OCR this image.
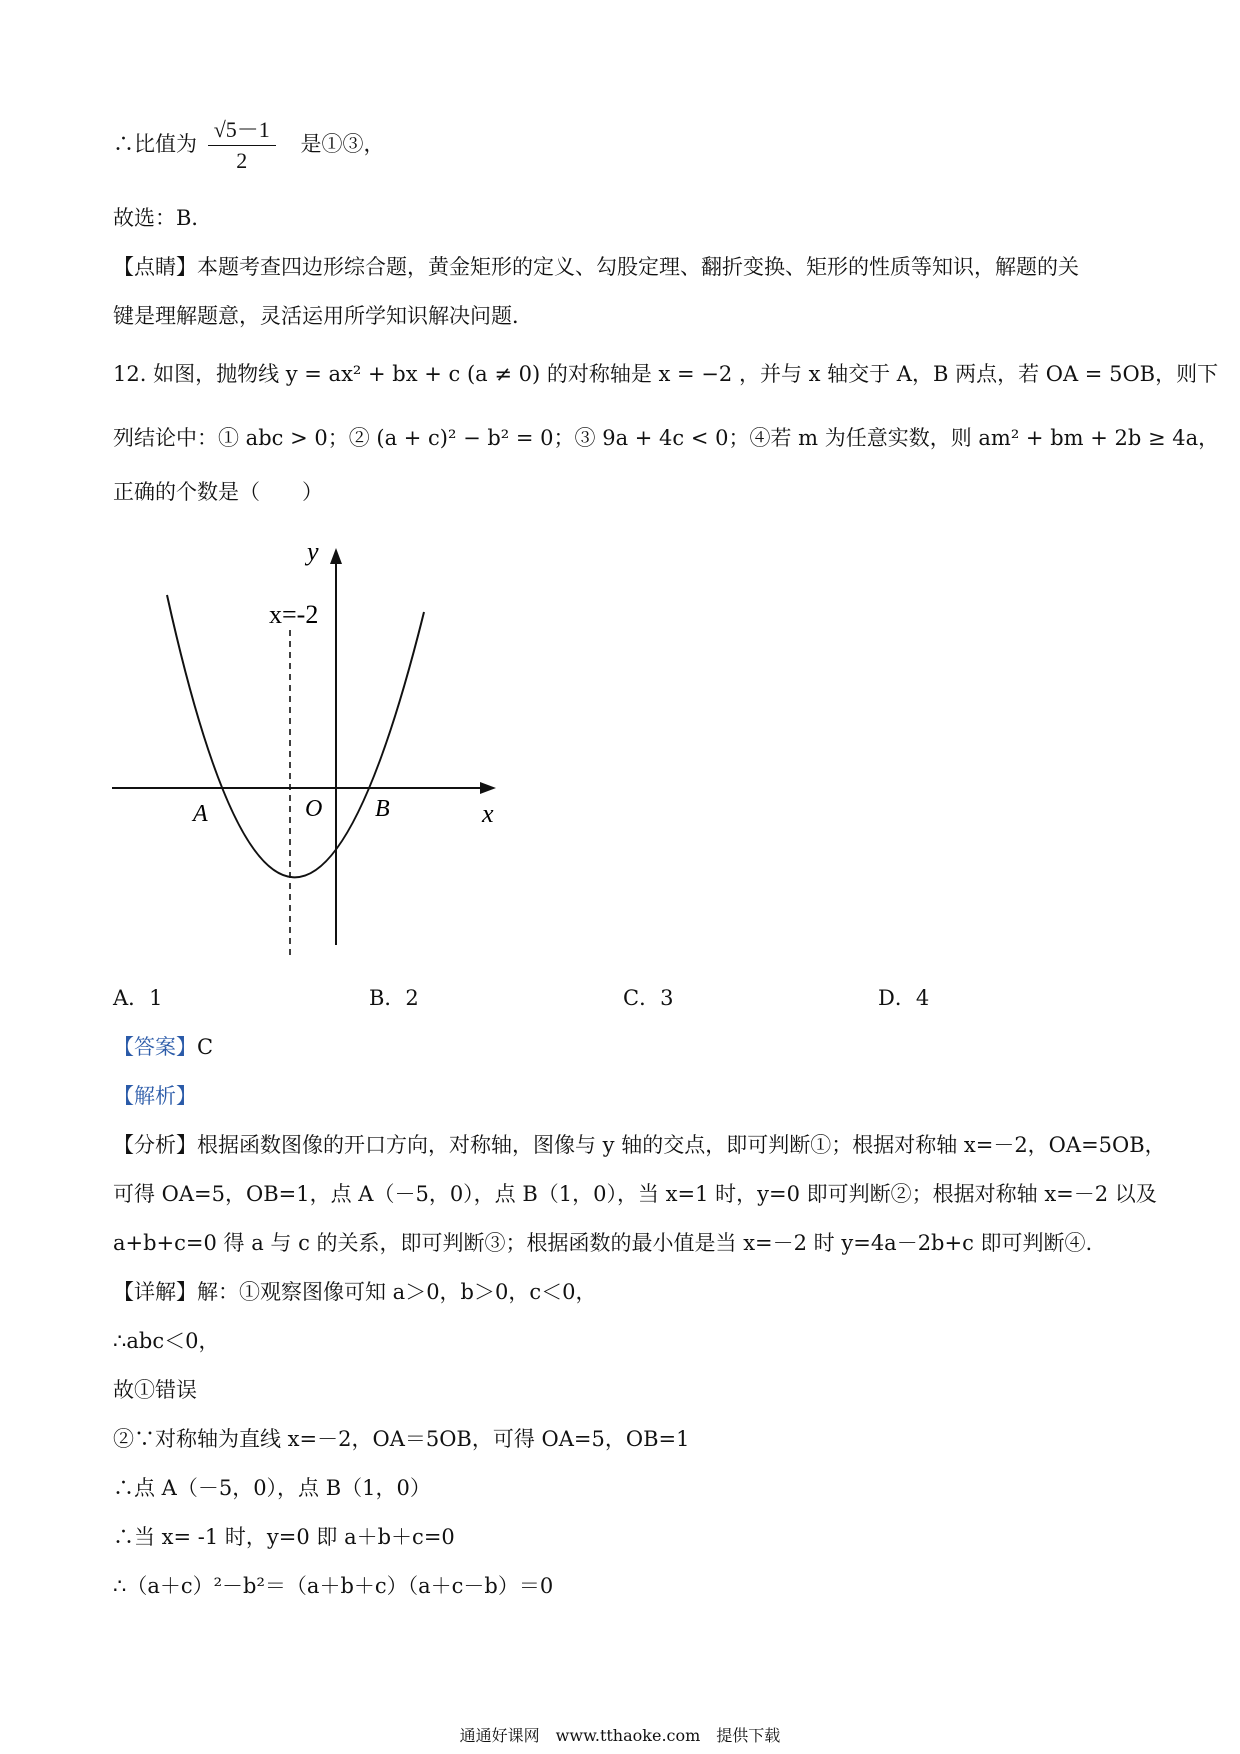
∴比值为 $\frac{√5-1}{2}$ 是①③，
故选：B．
【点睛】本题考查四边形综合题，黄金矩形的定义、勾股定理、翻折变换、矩形的性质等知识，解题的关
键是理解题意，灵活运用所学知识解决问题．
12. 如图，抛物线 y = ax² + bx + c (a ≠ 0) 的对称轴是 x = −2 ，并与 x 轴交于 A，B 两点，若 OA = 5OB，则下
列结论中：① abc > 0；② (a + c)² − b² = 0；③ 9a + 4c < 0；④若 m 为任意实数，则 am² + bm + 2b ≥ 4a，
正确的个数是（　　）
y
x
x=-2
O
A	B
A．1	B．2	C．3	D．4
【答案】C
【解析】
【分析】根据函数图像的开口方向，对称轴，图像与 y 轴的交点，即可判断①；根据对称轴 x=－2，OA=5OB，
可得 OA=5，OB=1，点 A（－5，0），点 B（1，0），当 x=1 时，y=0 即可判断②；根据对称轴 x=－2 以及
a+b+c=0 得 a 与 c 的关系，即可判断③；根据函数的最小值是当 x=－2 时 y=4a－2b+c 即可判断④.
【详解】解：①观察图像可知 a＞0，b＞0，c＜0，
∴abc＜0，
故①错误
②∵对称轴为直线 x=－2，OA＝5OB，可得 OA=5，OB=1
∴点 A（－5，0），点 B（1，0）
∴当 x= -1 时，y=0 即 a＋b＋c=0
∴（a＋c）²－b²＝（a＋b＋c）（a＋c－b）＝0
通通好课网　www.tthaoke.com　提供下载
